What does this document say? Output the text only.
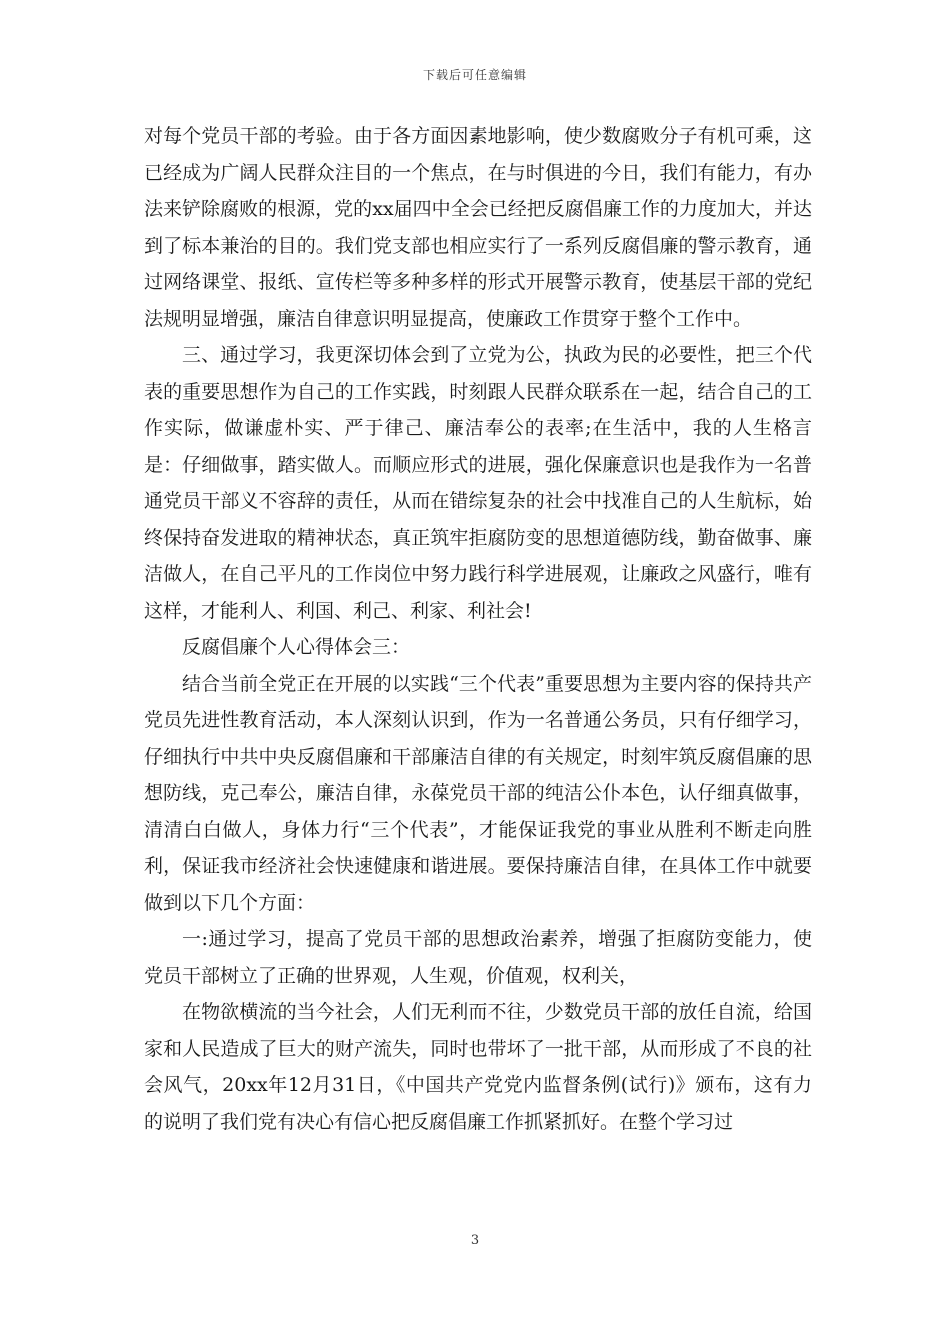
下载后可任意编辑

对每个党员干部的考验。由于各方面因素地影响，使少数腐败分子有机可乘，这已经成为广阔人民群众注目的一个焦点，在与时俱进的今日，我们有能力，有办法来铲除腐败的根源，党的xx届四中全会已经把反腐倡廉工作的力度加大，并达到了标本兼治的目的。我们党支部也相应实行了一系列反腐倡廉的警示教育，通过网络课堂、报纸、宣传栏等多种多样的形式开展警示教育，使基层干部的党纪法规明显增强，廉洁自律意识明显提高，使廉政工作贯穿于整个工作中。

三、通过学习，我更深切体会到了立党为公，执政为民的必要性，把三个代表的重要思想作为自己的工作实践，时刻跟人民群众联系在一起，结合自己的工作实际，做谦虚朴实、严于律己、廉洁奉公的表率;在生活中，我的人生格言是：仔细做事，踏实做人。而顺应形式的进展，强化保廉意识也是我作为一名普通党员干部义不容辞的责任，从而在错综复杂的社会中找准自己的人生航标，始终保持奋发进取的精神状态，真正筑牢拒腐防变的思想道德防线，勤奋做事、廉洁做人，在自己平凡的工作岗位中努力践行科学进展观，让廉政之风盛行，唯有这样，才能利人、利国、利己、利家、利社会!

反腐倡廉个人心得体会三：

结合当前全党正在开展的以实践“三个代表”重要思想为主要内容的保持共产党员先进性教育活动，本人深刻认识到，作为一名普通公务员，只有仔细学习，仔细执行中共中央反腐倡廉和干部廉洁自律的有关规定，时刻牢筑反腐倡廉的思想防线，克己奉公，廉洁自律，永葆党员干部的纯洁公仆本色，认仔细真做事，清清白白做人，身体力行“三个代表”，才能保证我党的事业从胜利不断走向胜利，保证我市经济社会快速健康和谐进展。要保持廉洁自律，在具体工作中就要做到以下几个方面：

一:通过学习，提高了党员干部的思想政治素养，增强了拒腐防变能力，使党员干部树立了正确的世界观，人生观，价值观，权利关，

在物欲横流的当今社会，人们无利而不往，少数党员干部的放任自流，给国家和人民造成了巨大的财产流失，同时也带坏了一批干部，从而形成了不良的社会风气，20xx年12月31日，《中国共产党党内监督条例(试行)》颁布，这有力的说明了我们党有决心有信心把反腐倡廉工作抓紧抓好。在整个学习过

3
